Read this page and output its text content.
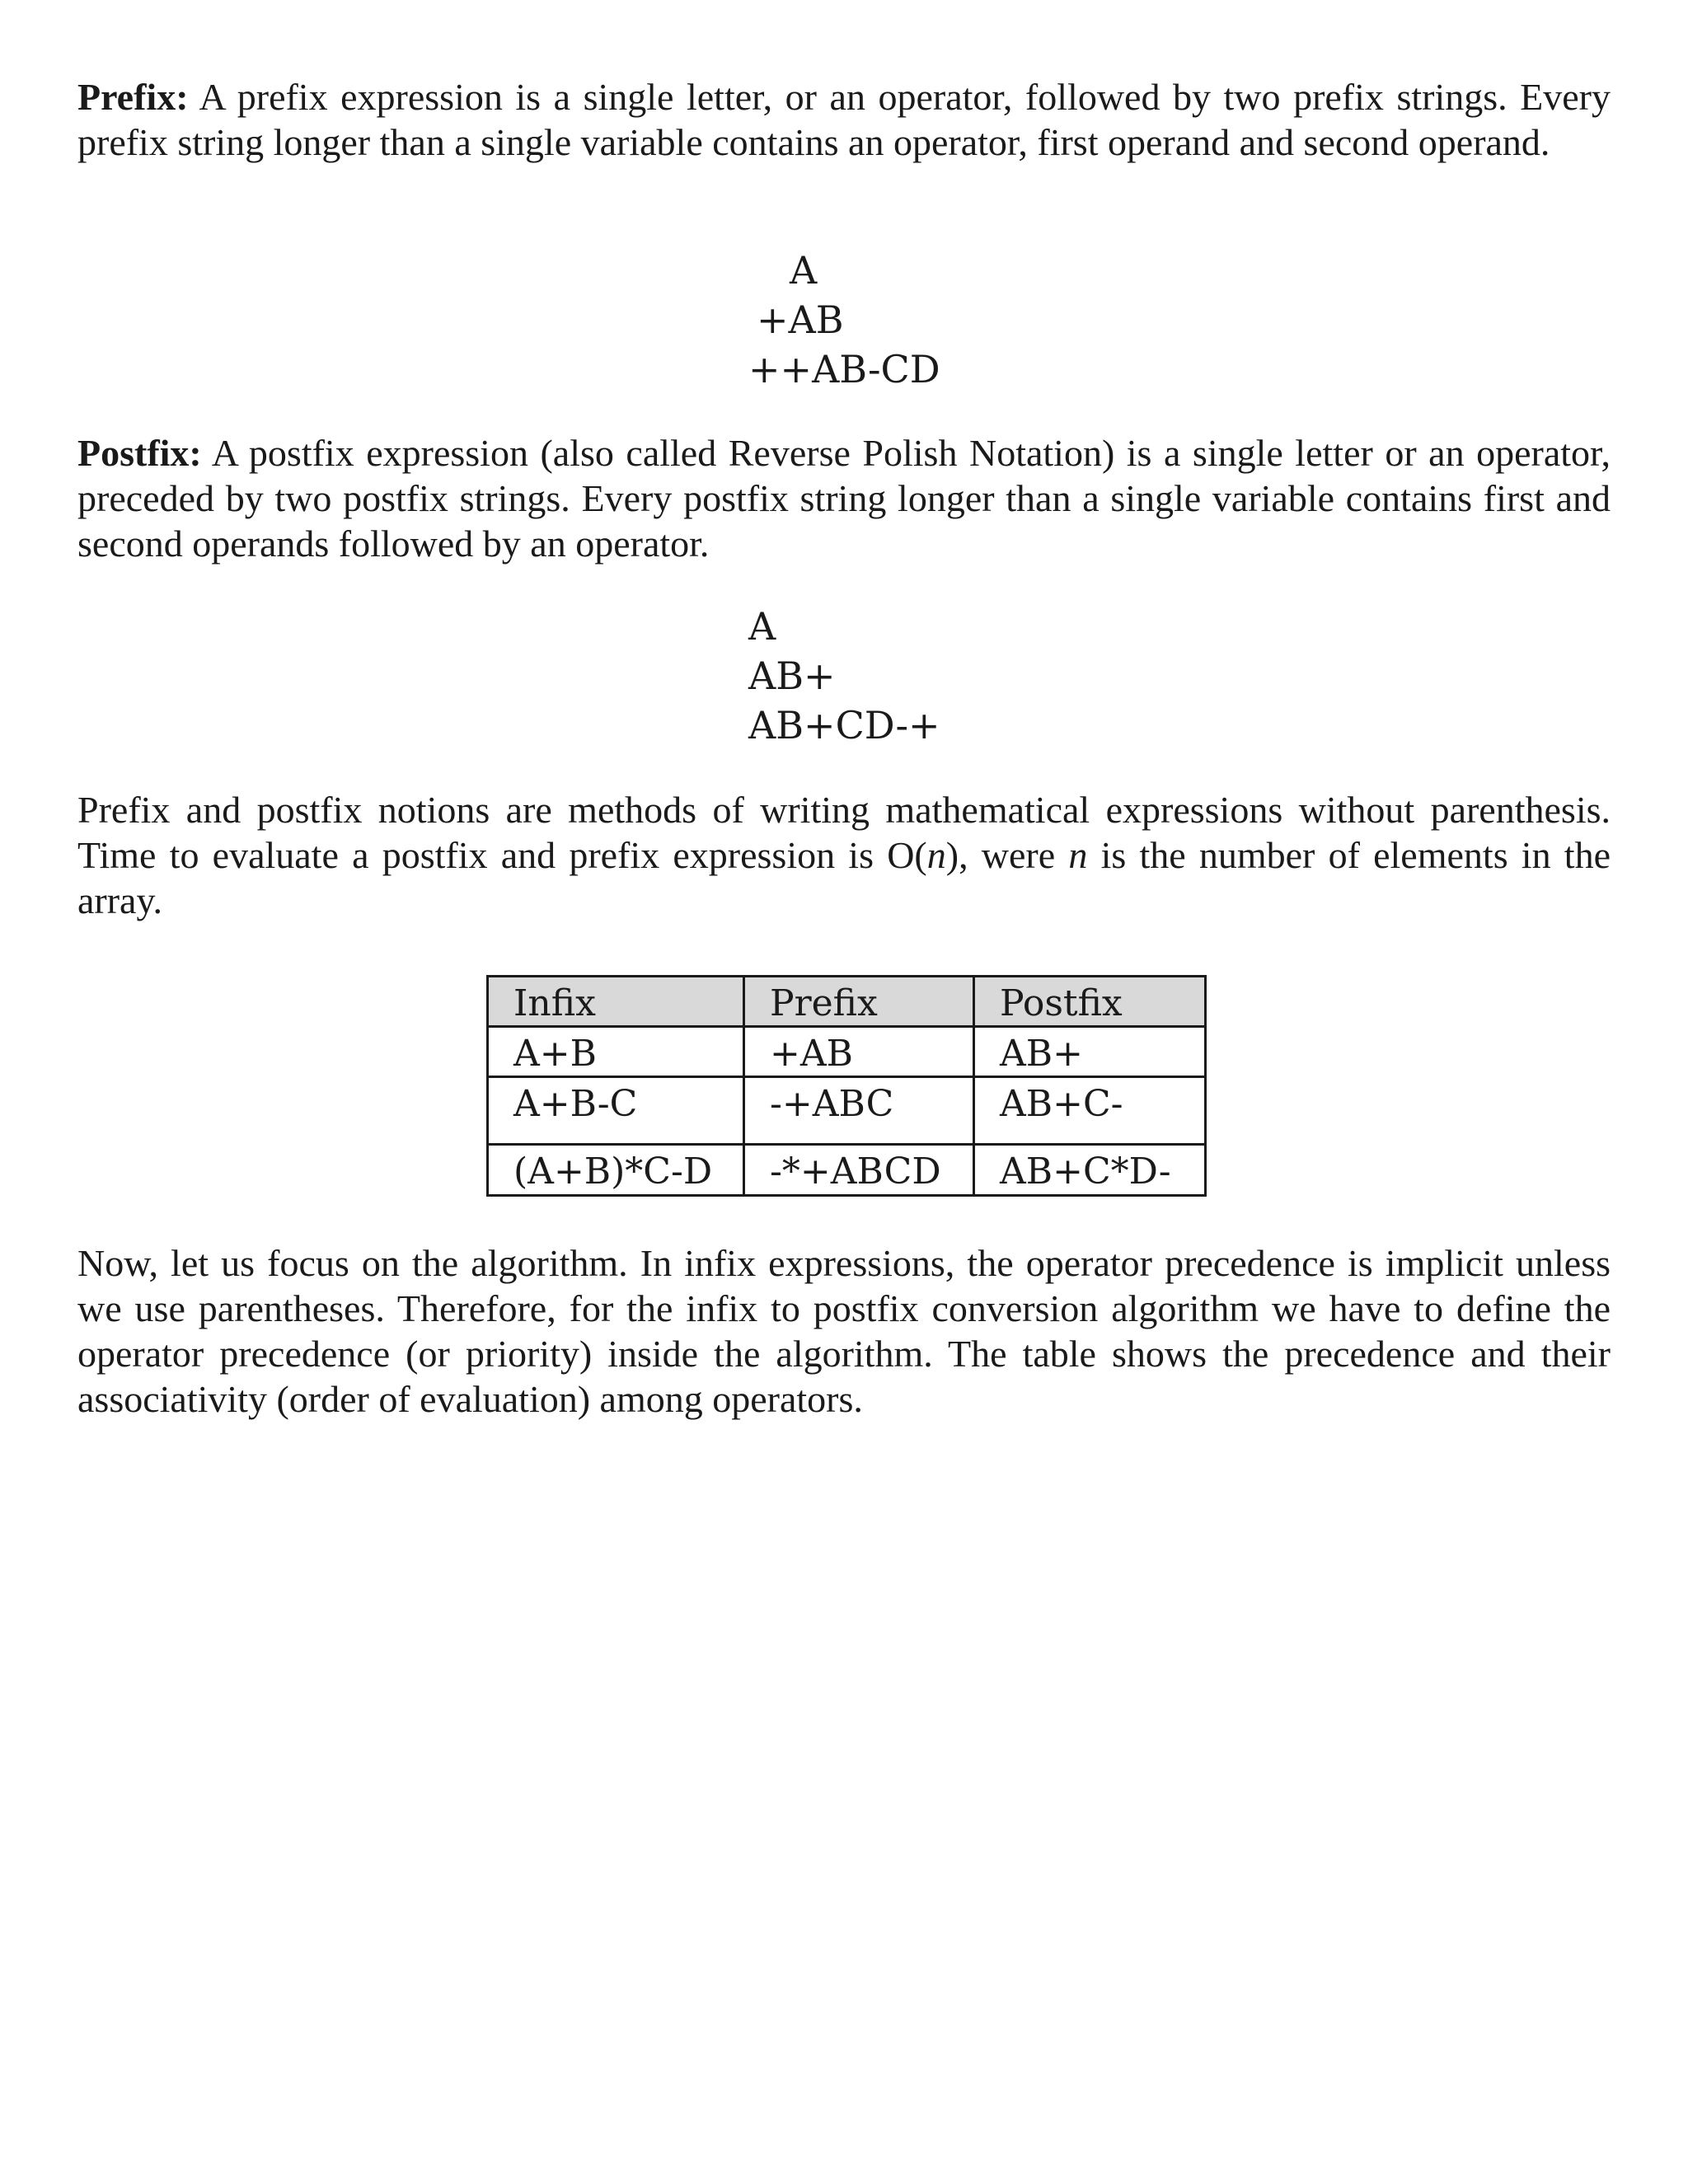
Prefix: A prefix expression is a single letter, or an operator, followed by two prefix strings. Every prefix string longer than a single variable contains an operator, first operand and second operand.

A
+AB
++AB-CD

Postfix: A postfix expression (also called Reverse Polish Notation) is a single letter or an operator, preceded by two postfix strings. Every postfix string longer than a single variable contains first and second operands followed by an operator.

A
AB+
AB+CD-+

Prefix and postfix notions are methods of writing mathematical expressions without parenthesis. Time to evaluate a postfix and prefix expression is O(n), were n is the number of elements in the array.

Infix	Prefix	Postfix
A+B	+AB	AB+
A+B-C	-+ABC	AB+C-
(A+B)*C-D	-*+ABCD	AB+C*D-

Now, let us focus on the algorithm. In infix expressions, the operator precedence is implicit unless we use parentheses. Therefore, for the infix to postfix conversion algorithm we have to define the operator precedence (or priority) inside the algorithm. The table shows the precedence and their associativity (order of evaluation) among operators.
